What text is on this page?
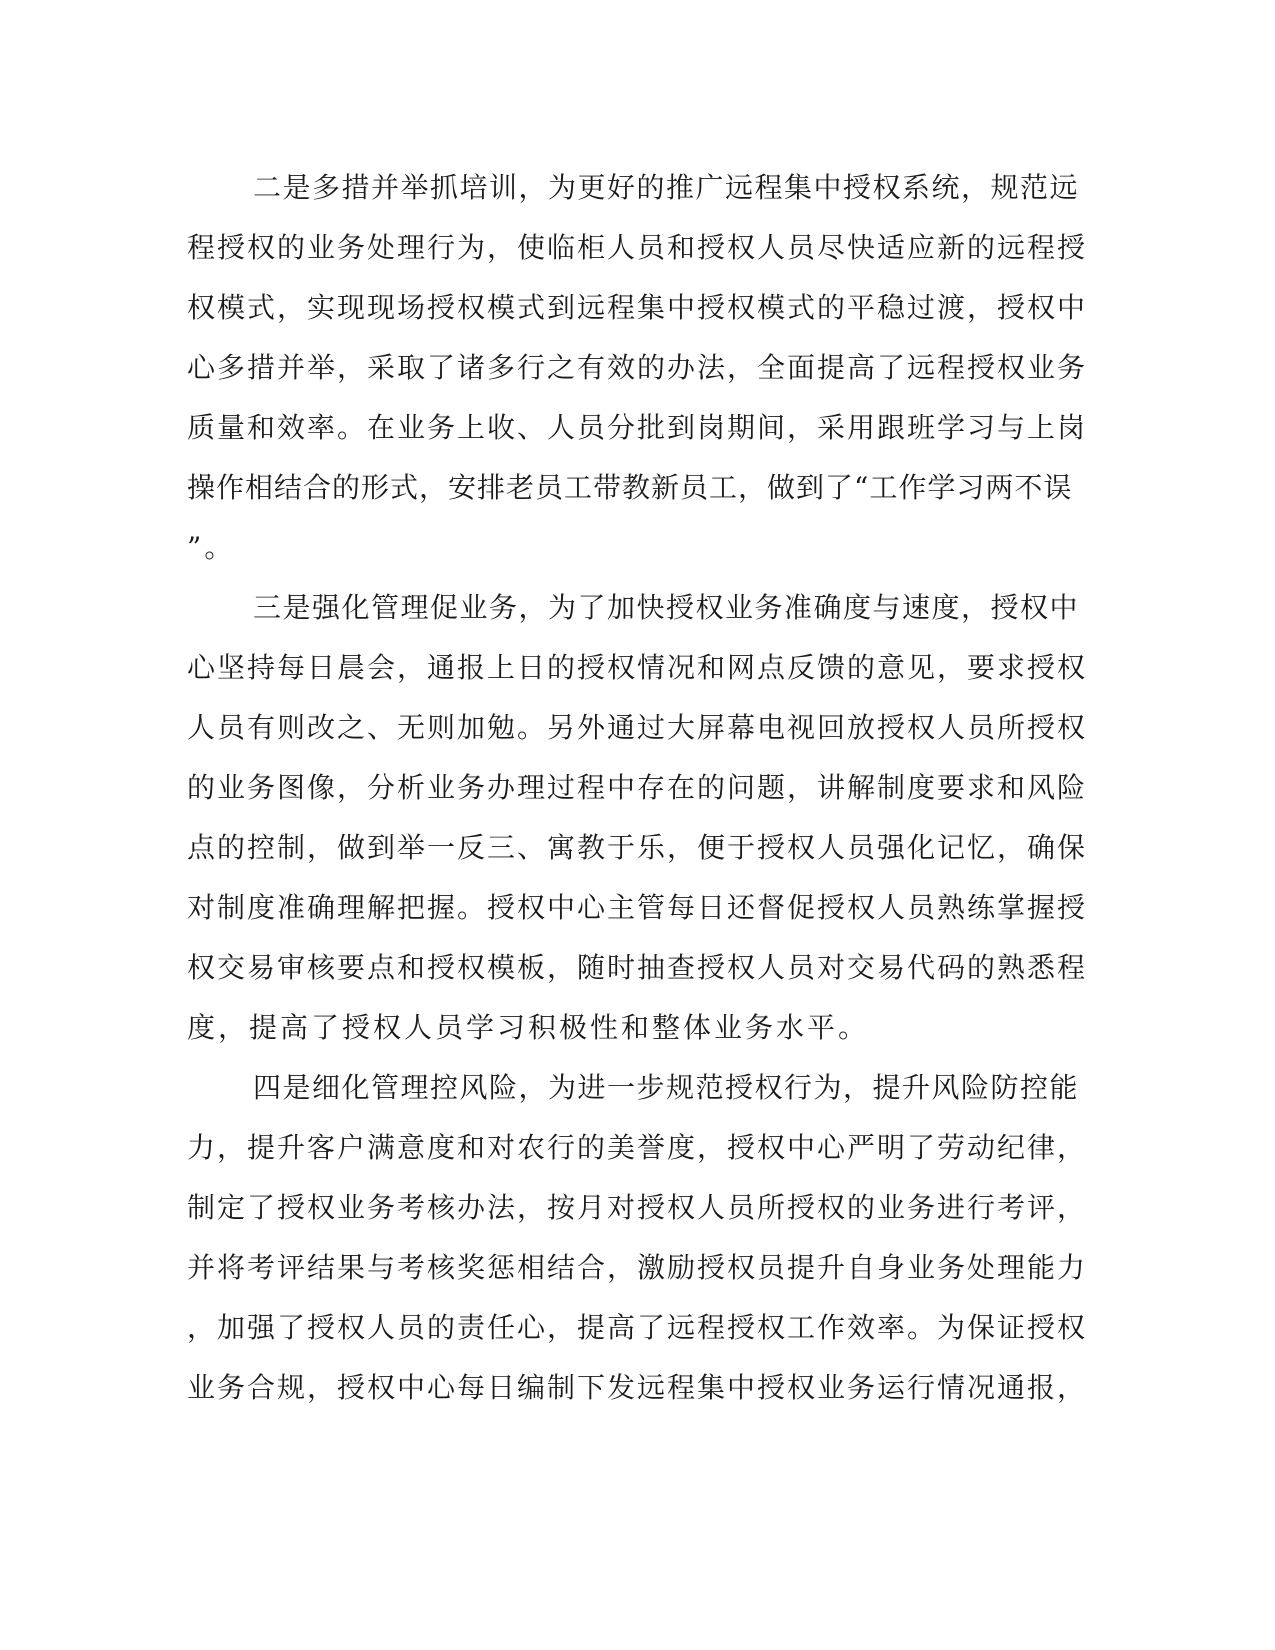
二是多措并举抓培训，为更好的推广远程集中授权系统，规范远
程授权的业务处理行为，使临柜人员和授权人员尽快适应新的远程授
权模式，实现现场授权模式到远程集中授权模式的平稳过渡，授权中
心多措并举，采取了诸多行之有效的办法，全面提高了远程授权业务
质量和效率。在业务上收、人员分批到岗期间，采用跟班学习与上岗
操作相结合的形式，安排老员工带教新员工，做到了“工作学习两不误
”。
三是强化管理促业务，为了加快授权业务准确度与速度，授权中
心坚持每日晨会，通报上日的授权情况和网点反馈的意见，要求授权
人员有则改之、无则加勉。另外通过大屏幕电视回放授权人员所授权
的业务图像，分析业务办理过程中存在的问题，讲解制度要求和风险
点的控制，做到举一反三、寓教于乐，便于授权人员强化记忆，确保
对制度准确理解把握。授权中心主管每日还督促授权人员熟练掌握授
权交易审核要点和授权模板，随时抽查授权人员对交易代码的熟悉程
度，提高了授权人员学习积极性和整体业务水平。
四是细化管理控风险，为进一步规范授权行为，提升风险防控能
力，提升客户满意度和对农行的美誉度，授权中心严明了劳动纪律，
制定了授权业务考核办法，按月对授权人员所授权的业务进行考评，
并将考评结果与考核奖惩相结合，激励授权员提升自身业务处理能力
，加强了授权人员的责任心，提高了远程授权工作效率。为保证授权
业务合规，授权中心每日编制下发远程集中授权业务运行情况通报，
